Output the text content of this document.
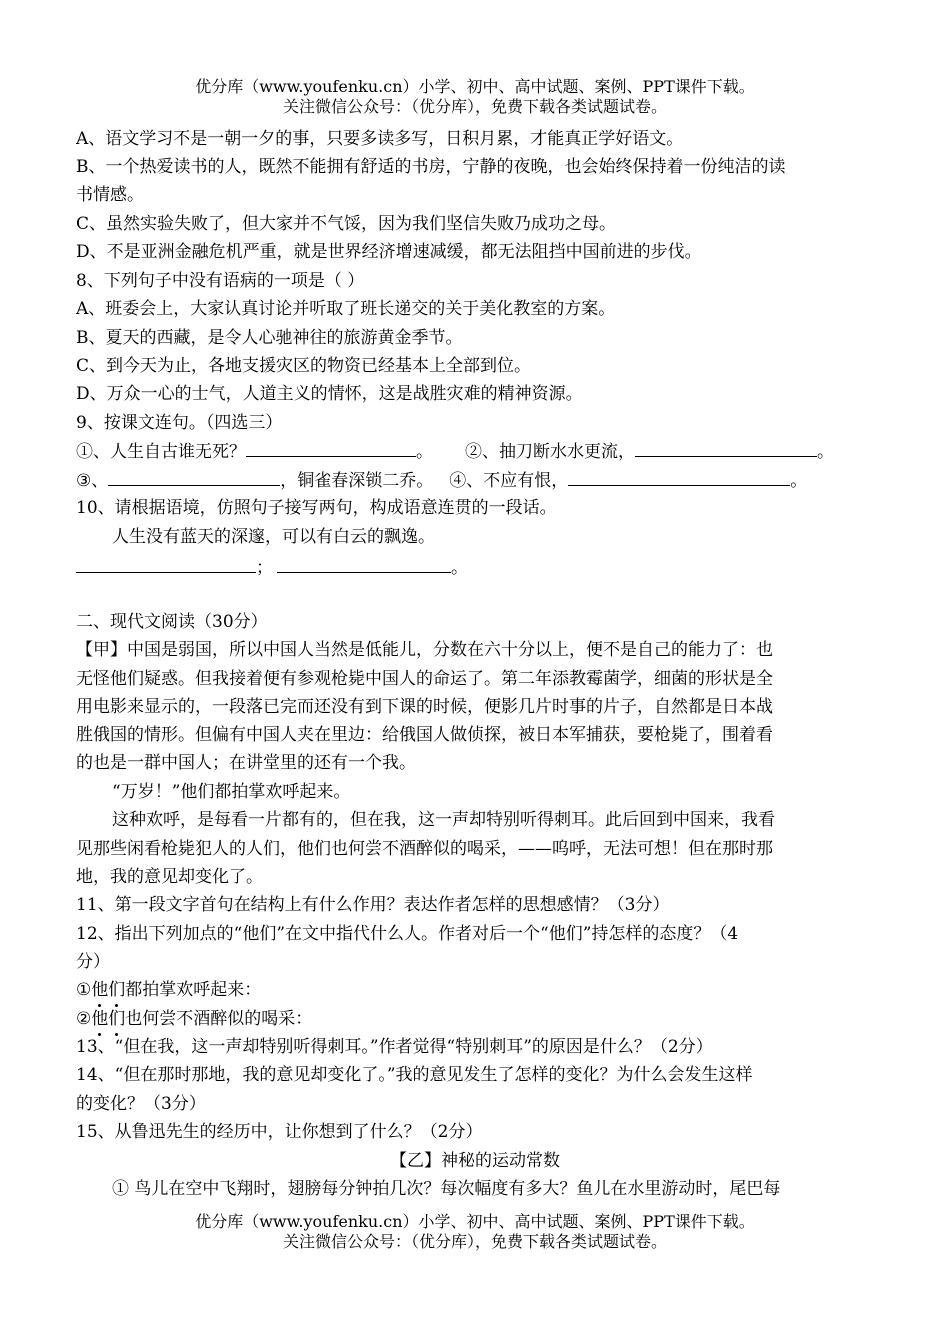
优分库（www.youfenku.cn）小学、初中、高中试题、案例、PPT课件下载。
关注微信公众号：（优分库），免费下载各类试题试卷。
A、语文学习不是一朝一夕的事，只要多读多写，日积月累，才能真正学好语文。
B、一个热爱读书的人，既然不能拥有舒适的书房，宁静的夜晚，也会始终保持着一份纯洁的读
书情感。
C、虽然实验失败了，但大家并不气馁，因为我们坚信失败乃成功之母。
D、不是亚洲金融危机严重，就是世界经济增速减缓，都无法阻挡中国前进的步伐。
8、下列句子中没有语病的一项是（ ）
A、班委会上，大家认真讨论并听取了班长递交的关于美化教室的方案。
B、夏天的西藏，是令人心驰神往的旅游黄金季节。
C、到今天为止，各地支援灾区的物资已经基本上全部到位。
D、万众一心的士气，人道主义的情怀，这是战胜灾难的精神资源。
9、按课文连句。（四选三）
①、人生自古谁无死？	。 ②、抽刀断水水更流，	。
③、	，铜雀春深锁二乔。 ④、不应有恨，	。
10、请根据语境，仿照句子接写两句，构成语意连贯的一段话。
人生没有蓝天的深邃，可以有白云的飘逸。
；	。
二、现代文阅读（30分）
【甲】中国是弱国，所以中国人当然是低能儿，分数在六十分以上，便不是自己的能力了：也
无怪他们疑惑。但我接着便有参观枪毙中国人的命运了。第二年添教霉菌学，细菌的形状是全
用电影来显示的，一段落已完而还没有到下课的时候，便影几片时事的片子，自然都是日本战
胜俄国的情形。但偏有中国人夹在里边：给俄国人做侦探，被日本军捕获，要枪毙了，围着看
的也是一群中国人；在讲堂里的还有一个我。
“万岁！”他们都拍掌欢呼起来。
这种欢呼，是每看一片都有的，但在我，这一声却特别听得刺耳。此后回到中国来，我看
见那些闲看枪毙犯人的人们，他们也何尝不酒醉似的喝采，——呜呼，无法可想！但在那时那
地，我的意见却变化了。
11、第一段文字首句在结构上有什么作用？表达作者怎样的思想感情？（3分）
12、指出下列加点的“他们”在文中指代什么人。作者对后一个“他们”持怎样的态度？（4
分）
①他们都拍掌欢呼起来：
②他们也何尝不酒醉似的喝采：
13、“但在我，这一声却特别听得刺耳。”作者觉得“特别刺耳”的原因是什么？（2分）
14、“但在那时那地，我的意见却变化了。”我的意见发生了怎样的变化？为什么会发生这样
的变化？（3分）
15、从鲁迅先生的经历中，让你想到了什么？（2分）
【乙】神秘的运动常数
① 鸟儿在空中飞翔时，翅膀每分钟拍几次？每次幅度有多大？鱼儿在水里游动时，尾巴每
优分库（www.youfenku.cn）小学、初中、高中试题、案例、PPT课件下载。
关注微信公众号：（优分库），免费下载各类试题试卷。
